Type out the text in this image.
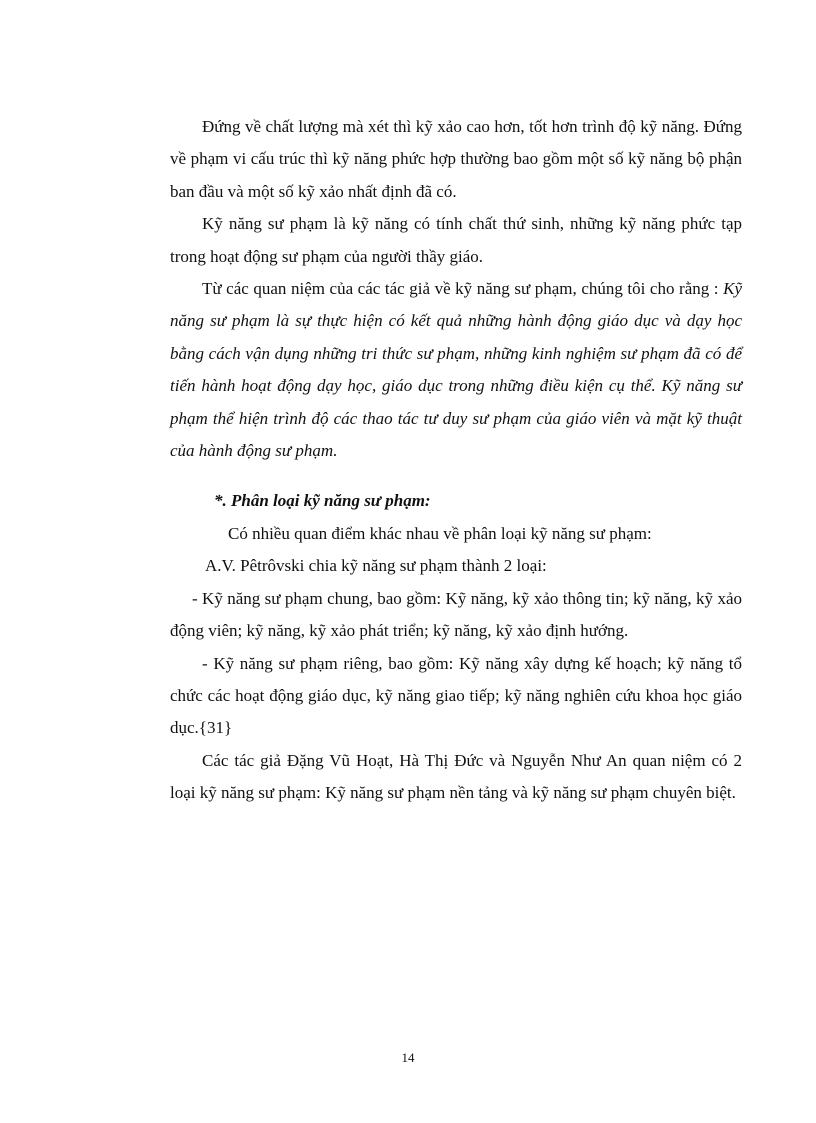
Đứng về chất lượng mà xét thì kỹ xảo cao hơn, tốt hơn trình độ kỹ năng. Đứng về phạm vi cấu trúc thì kỹ năng phức hợp thường bao gồm một số kỹ năng bộ phận ban đầu và một số kỹ xảo nhất định đã có.

Kỹ năng sư phạm là kỹ năng có tính chất thứ sinh, những kỹ năng phức tạp trong hoạt động sư phạm của người thầy giáo.

Từ các quan niệm của các tác giả về kỹ năng sư phạm, chúng tôi cho rằng : Kỹ năng sư phạm là sự thực hiện có kết quả những hành động giáo dục và dạy học bằng cách vận dụng những tri thức sư phạm, những kinh nghiệm sư phạm đã có để tiến hành hoạt động dạy học, giáo dục trong những điều kiện cụ thể. Kỹ năng sư phạm thể hiện trình độ các thao tác tư duy sư phạm của giáo viên và mặt kỹ thuật của hành động sư phạm.

*. Phân loại kỹ năng sư phạm:

Có nhiều quan điểm khác nhau về phân loại kỹ năng sư phạm:

A.V. Pêtrôvski chia kỹ năng sư phạm thành 2 loại:

- Kỹ năng sư phạm chung, bao gồm: Kỹ năng, kỹ xảo thông tin; kỹ năng, kỹ xảo động viên; kỹ năng, kỹ xảo phát triển; kỹ năng, kỹ xảo định hướng.

- Kỹ năng sư phạm riêng, bao gồm: Kỹ năng xây dựng kế hoạch; kỹ năng tổ chức các hoạt động giáo dục, kỹ năng giao tiếp; kỹ năng nghiên cứu khoa học giáo dục.{31}

Các tác giả Đặng Vũ Hoạt, Hà Thị Đức và Nguyễn Như An quan niệm có 2 loại kỹ năng sư phạm: Kỹ năng sư phạm nền tảng và kỹ năng sư phạm chuyên biệt.

14
